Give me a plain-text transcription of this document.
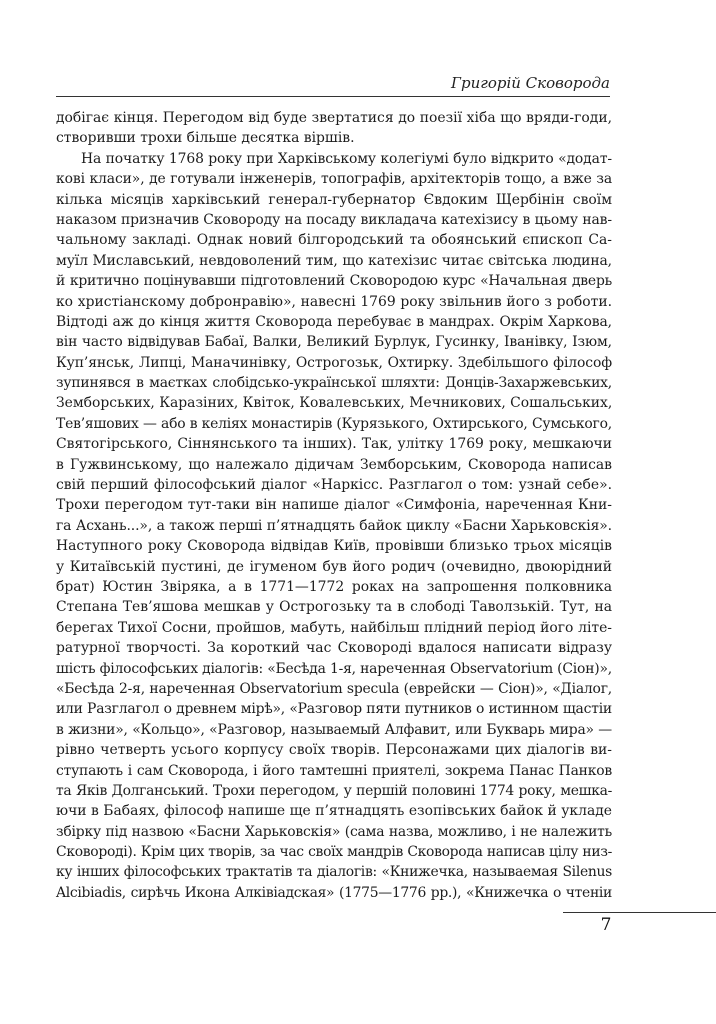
Григорій Сковорода
добігає кінця. Перегодом від буде звертатися до поезії хіба що вряди-годи,
створивши трохи більше десятка віршів.
На початку 1768 року при Харківському колегіумі було відкрито «додат-
кові класи», де готували інженерів, топографів, архітекторів тощо, а вже за
кілька місяців харківський генерал-губернатор Євдоким Щербінін своїм
наказом призначив Сковороду на посаду викладача катехізису в цьому нав-
чальному закладі. Однак новий білгородський та обоянський єпископ Са-
муїл Миславський, невдоволений тим, що катехізис читає світська людина,
й критично поцінувавши підготовлений Сковородою курс «Начальная дверь
ко христіанскому добронравію», навесні 1769 року звільнив його з роботи.
Відтоді аж до кінця життя Сковорода перебуває в мандрах. Окрім Харкова,
він часто відвідував Бабаї, Валки, Великий Бурлук, Гусинку, Іванівку, Ізюм,
Куп’янськ, Липці, Маначинівку, Острогозьк, Охтирку. Здебільшого філософ
зупинявся в маєтках слобідсько-української шляхти: Донців-Захаржевських,
Земборських, Каразіних, Квіток, Ковалевських, Мечникових, Сошальських,
Тев’яшових — або в келіях монастирів (Курязького, Охтирського, Сумського,
Святогірського, Сіннянського та інших). Так, улітку 1769 року, мешкаючи
в Гужвинському, що належало дідичам Земборським, Сковорода написав
свій перший філософський діалог «Наркісс. Разглагол о том: узнай себе».
Трохи перегодом тут-таки він напише діалог «Симфоніа, нареченная Кни-
га Асхань...», а також перші п’ятнадцять байок циклу «Басни Харьковскія».
Наступного року Сковорода відвідав Київ, провівши близько трьох місяців
у Китаївській пустині, де ігуменом був його родич (очевидно, двоюрідний
брат) Юстин Звіряка, а в 1771—1772 роках на запрошення полковника
Степана Тев’яшова мешкав у Острогозьку та в слободі Таволзькій. Тут, на
берегах Тихої Сосни, пройшов, мабуть, найбільш плідний період його літе-
ратурної творчості. За короткий час Сковороді вдалося написати відразу
шість філософських діалогів: «Бесѣда 1-я, нареченная Observatorium (Сіон)»,
«Бесѣда 2-я, нареченная Observatorium specula (еврейски — Сіон)», «Діалог,
или Разглагол о древнем мірѣ», «Разговор пяти путников о истинном щастіи
в жизни», «Кольцо», «Разговор, называемый Алфавит, или Букварь мира» —
рівно четверть усього корпусу своїх творів. Персонажами цих діалогів ви-
ступають і сам Сковорода, і його тамтешні приятелі, зокрема Панас Панков
та Яків Долганський. Трохи перегодом, у першій половині 1774 року, мешка-
ючи в Бабаях, філософ напише ще п’ятнадцять езопівських байок й укладе
збірку під назвою «Басни Харьковскія» (сама назва, можливо, і не належить
Сковороді). Крім цих творів, за час своїх мандрів Сковорода написав цілу низ-
ку інших філософських трактатів та діалогів: «Книжечка, называемая Silenus
Alcibiadis, сирѣчь Икона Алківіадская» (1775—1776 рр.), «Книжечка о чтеніи
7
